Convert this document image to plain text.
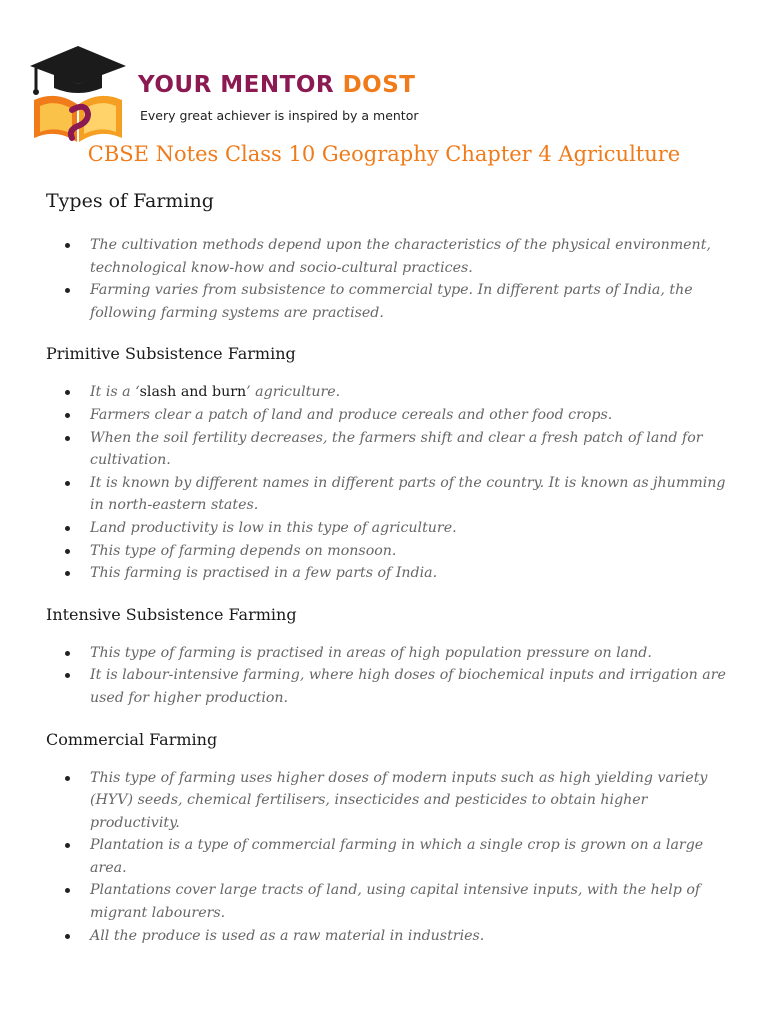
YOUR MENTOR DOST
Every great achiever is inspired by a mentor
CBSE Notes Class 10 Geography Chapter 4 Agriculture
Types of Farming
The cultivation methods depend upon the characteristics of the physical environment, technological know-how and socio-cultural practices.
Farming varies from subsistence to commercial type. In different parts of India, the following farming systems are practised.
Primitive Subsistence Farming
It is a ‘slash and burn’ agriculture.
Farmers clear a patch of land and produce cereals and other food crops.
When the soil fertility decreases, the farmers shift and clear a fresh patch of land for cultivation.
It is known by different names in different parts of the country. It is known as jhumming in north-eastern states.
Land productivity is low in this type of agriculture.
This type of farming depends on monsoon.
This farming is practised in a few parts of India.
Intensive Subsistence Farming
This type of farming is practised in areas of high population pressure on land.
It is labour-intensive farming, where high doses of biochemical inputs and irrigation are used for higher production.
Commercial Farming
This type of farming uses higher doses of modern inputs such as high yielding variety (HYV) seeds, chemical fertilisers, insecticides and pesticides to obtain higher productivity.
Plantation is a type of commercial farming in which a single crop is grown on a large area.
Plantations cover large tracts of land, using capital intensive inputs, with the help of migrant labourers.
All the produce is used as a raw material in industries.
